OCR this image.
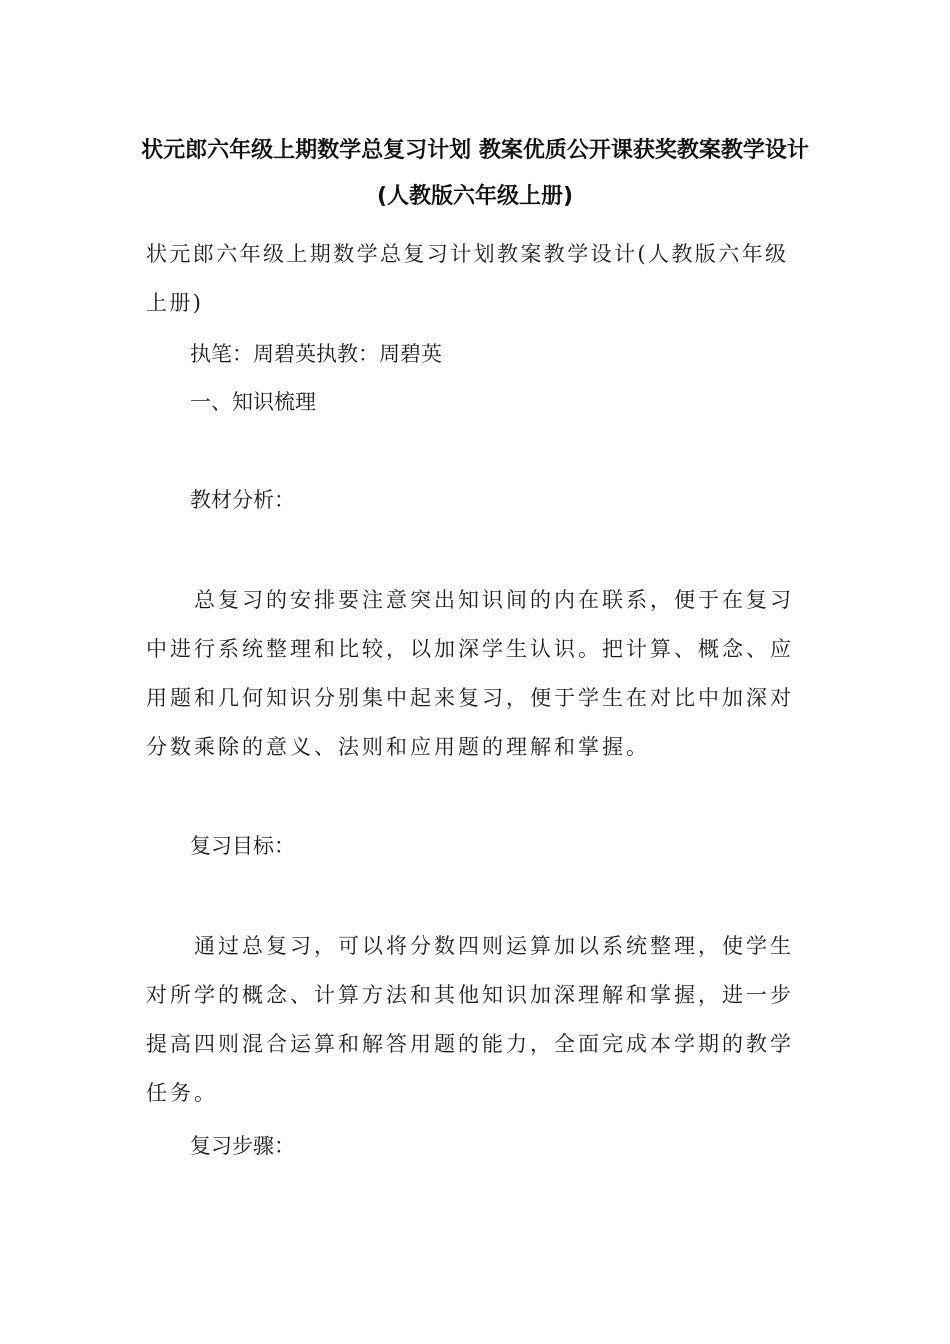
状元郎六年级上期数学总复习计划 教案优质公开课获奖教案教学设计(人教版六年级上册)
状元郎六年级上期数学总复习计划教案教学设计(人教版六年级上册)
执笔：周碧英执教：周碧英
一、知识梳理
教材分析：
总复习的安排要注意突出知识间的内在联系，便于在复习中进行系统整理和比较，以加深学生认识。把计算、概念、应用题和几何知识分别集中起来复习，便于学生在对比中加深对分数乘除的意义、法则和应用题的理解和掌握。
复习目标：
通过总复习，可以将分数四则运算加以系统整理，使学生对所学的概念、计算方法和其他知识加深理解和掌握，进一步提高四则混合运算和解答用题的能力，全面完成本学期的教学任务。
复习步骤：
